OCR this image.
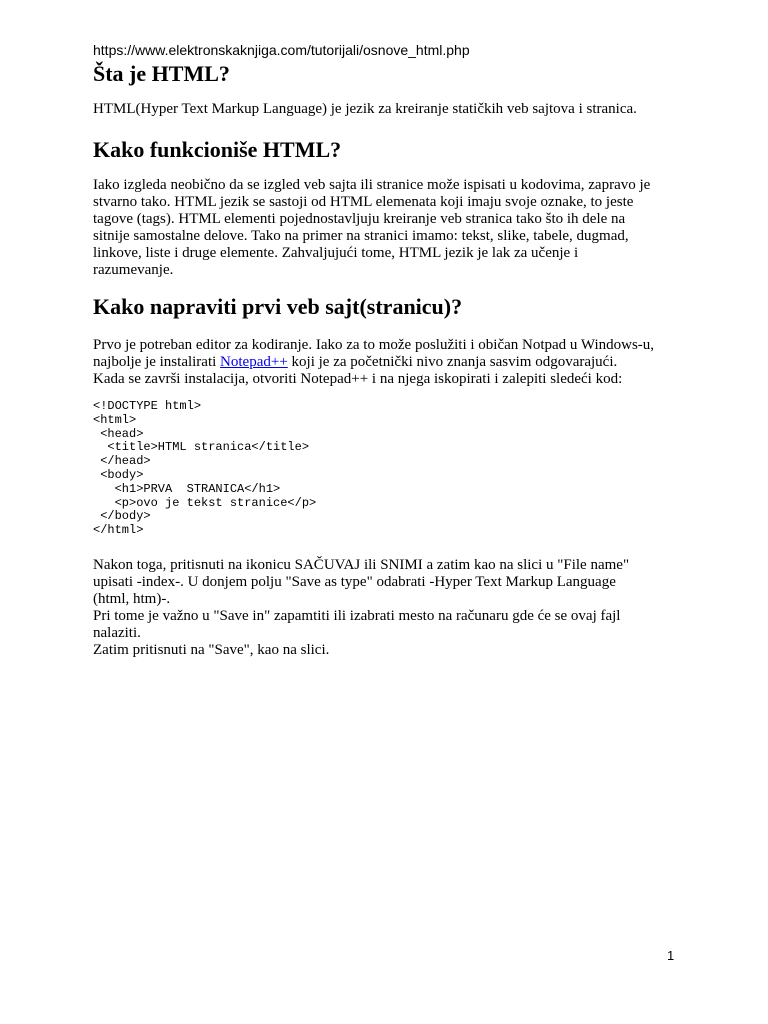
https://www.elektronskaknjiga.com/tutorijali/osnove_html.php
Šta je HTML?

HTML(Hyper Text Markup Language) je jezik za kreiranje statičkih veb sajtova i stranica.

Kako funkcioniše HTML?

Iako izgleda neobično da se izgled veb sajta ili stranice može ispisati u kodovima, zapravo je
stvarno tako. HTML jezik se sastoji od HTML elemenata koji imaju svoje oznake, to jeste
tagove (tags). HTML elementi pojednostavljuju kreiranje veb stranica tako što ih dele na
sitnije samostalne delove. Tako na primer na stranici imamo: tekst, slike, tabele, dugmad,
linkove, liste i druge elemente. Zahvaljujući tome, HTML jezik je lak za učenje i
razumevanje.

Kako napraviti prvi veb sajt(stranicu)?

Prvo je potreban editor za kodiranje. Iako za to može poslužiti i običan Notpad u Windows-u,
najbolje je instalirati Notepad++ koji je za početnički nivo znanja sasvim odgovarajući.
Kada se završi instalacija, otvoriti Notepad++ i na njega iskopirati i zalepiti sledeći kod:

<!DOCTYPE html>
<html>
<head>
<title>HTML stranica</title>
</head>
<body>
<h1>PRVA  STRANICA</h1>
<p>ovo je tekst stranice</p>
</body>
</html>

Nakon toga, pritisnuti na ikonicu SAČUVAJ ili SNIMI a zatim kao na slici u "File name"
upisati -index-. U donjem polju "Save as type" odabrati -Hyper Text Markup Language
(html, htm)-.
Pri tome je važno u "Save in" zapamtiti ili izabrati mesto na računaru gde će se ovaj fajl
nalaziti.
Zatim pritisnuti na "Save", kao na slici.

1
